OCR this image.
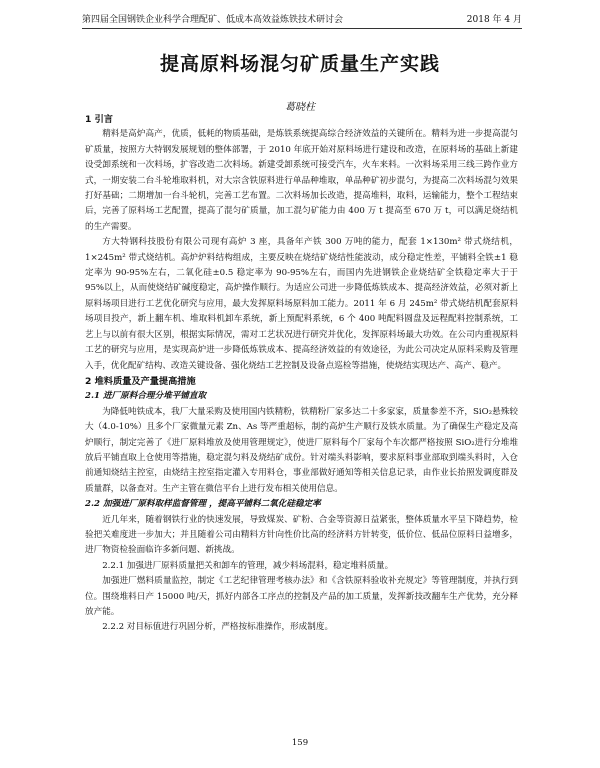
第四届全国钢铁企业科学合理配矿、低成本高效益炼铁技术研讨会	2018 年 4 月
提高原料场混匀矿质量生产实践
葛晓柱
1 引言

精料是高炉高产，优质，低耗的物质基础，是炼铁系统提高综合经济效益的关键所在。精料为进一步提高混匀矿质量，按照方大特钢发展规划的整体部署，于 2010 年底开始对原料场进行建设和改造，在原料场的基础上新建设受卸系统和一次料场，扩容改造二次料场。新建受卸系统可接受汽车，火车来料。一次料场采用三线三跨作业方式，一期安装二台斗轮堆取料机，对大宗含铁原料进行单品种堆取，单品种矿初步混匀，为提高二次料场混匀效果打好基础；二期增加一台斗轮机，完善工艺布置。二次料场加长改造，提高堆料，取料，运输能力，整个工程结束后，完善了原料场工艺配置，提高了混匀矿质量，加工混匀矿能力由 400 万 t 提高至 670 万 t，可以满足烧结机的生产需要。

方大特钢科技股份有限公司现有高炉 3 座，具备年产铁 300 万吨的能力，配套 1×130m² 带式烧结机，1×245m² 带式烧结机。高炉炉料结构组成，主要反映在烧结矿烧结性能波动，成分稳定性差，平铺料全铁±1 稳定率为 90-95%左右，二氧化硅±0.5 稳定率为 90-95%左右，而国内先进钢铁企业烧结矿全铁稳定率大于于 95%以上，从而使烧结矿碱度稳定，高炉操作顺行。为适应公司进一步降低炼铁成本、提高经济效益，必须对新上原料场项目进行工艺优化研究与应用，最大发挥原料场原料加工能力。2011 年 6 月 245m² 带式烧结机配套原料场项目投产，新上翻车机、堆取料机卸车系统，新上预配料系统，6 个 400 吨配料圆盘及远程配料控制系统，工艺上与以前有很大区别，根据实际情况，需对工艺状况进行研究并优化，发挥原料场最大功效。在公司内重视原料工艺的研究与应用，是实现高炉进一步降低炼铁成本、提高经济效益的有效途径，为此公司决定从原料采购及管理入手，优化配矿结构、改造关键设备、强化烧结工艺控制及设备点巡检等措施，使烧结实现达产、高产、稳产。

2 堆料质量及产量提高措施
2.1 进厂原料合理分堆平铺直取

为降低吨铁成本，我厂大量采购及使用国内铁精粉，铁精粉厂家多达二十多家家，质量参差不齐，SiO₂悬殊较大（4.0-10%）且多个厂家微量元素 Zn、As 等严重超标，制约高炉生产顺行及铁水质量。为了确保生产稳定及高炉顺行，制定完善了《进厂原料堆放及使用管理规定》，使进厂原料每个厂家每个车次都严格按照 SiO₂进行分堆堆放后平铺直取上仓使用等措施，稳定混匀料及烧结矿成份。针对端头料影响，要求原料事业部取到端头料时，入仓前通知烧结主控室，由烧结主控室指定灌入专用料仓，事业部做好通知等相关信息记录，由作业长抬照发调度群及质量群，以备查对。生产主管在微信平台上进行发布相关使用信息。

2.2 加强进厂原料取样监督管理 ，提高平铺料二氧化硅稳定率

近几年来，随着钢铁行业的快速发展，导致煤炭、矿粉、合金等资源日益紧张，整体质量水平呈下降趋势，检验把关难度进一步加大；并且随着公司由精料方针向性价比高的经济料方针转变，低价位、低品位原料日益增多，进厂物资检验面临许多新问题、新挑战。

2.2.1 加强进厂原料质量把关和卸车的管理，减少料场混料，稳定堆料质量。

加强进厂燃料质量监控，制定《工艺纪律管理考核办法》和《含铁原料验收补充规定》等管理制度，并执行到位。围绕堆料日产 15000 吨/天，抓好内部各工序点的控制及产品的加工质量，发挥新技改翻车生产优势，充分释放产能。

2.2.2 对目标值进行巩固分析，严格按标准操作，形成制度。

159
